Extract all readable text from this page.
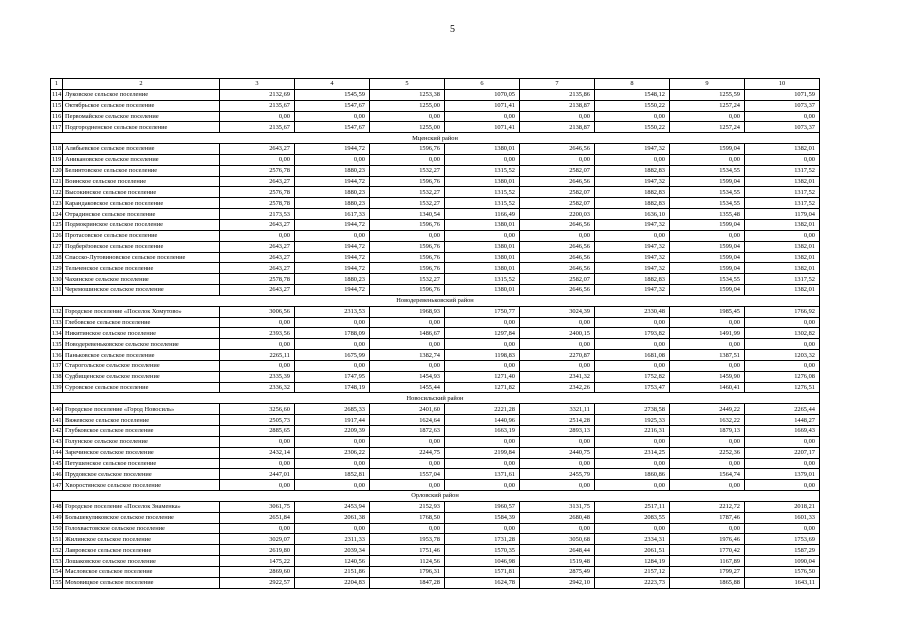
5
1	2	3	4	5	6	7	8	9	10
114	Луковское сельское поселение	2132,69	1545,59	1253,38	1070,05	2135,86	1548,12	1255,59	1071,59
115	Октябрьское сельское поселение	2135,67	1547,67	1255,00	1071,41	2138,87	1550,22	1257,24	1073,37
116	Первомайское сельское поселение	0,00	0,00	0,00	0,00	0,00	0,00	0,00	0,00
117	Подгородненское сельское поселение	2135,67	1547,67	1255,00	1071,41	2138,87	1550,22	1257,24	1073,37
Мценский район									
118	Алябьевское сельское поселение	2643,27	1944,72	1596,76	1380,01	2646,56	1947,32	1599,04	1382,01
119	Аникановское сельское поселение	0,00	0,00	0,00	0,00	0,00	0,00	0,00	0,00
120	Белинтовское сельское поселение	2576,78	1880,23	1532,27	1315,52	2582,07	1882,83	1534,55	1317,52
121	Воинское сельское поселение	2643,27	1944,72	1596,76	1380,01	2646,56	1947,32	1599,04	1382,01
122	Высокинское сельское поселение	2576,78	1880,23	1532,27	1315,52	2582,07	1882,83	1534,55	1317,52
123	Карандаковское сельское поселение	2578,78	1880,23	1532,27	1315,52	2582,07	1882,83	1534,55	1317,52
124	Отрадинское сельское поселение	2173,53	1617,33	1340,54	1166,49	2200,03	1636,10	1355,48	1179,04
125	Подмокринское сельское поселение	2643,27	1944,72	1596,76	1380,01	2646,56	1947,32	1599,04	1382,01
126	Протасовское сельское поселение	0,00	0,00	0,00	0,00	0,00	0,00	0,00	0,00
127	Подберёзовское сельское поселение	2643,27	1944,72	1596,76	1380,01	2646,56	1947,32	1599,04	1382,01
128	Спасско-Лутовиновское сельское поселение	2643,27	1944,72	1596,76	1380,01	2646,56	1947,32	1599,04	1382,01
129	Тельченское сельское поселение	2643,27	1944,72	1596,76	1380,01	2646,56	1947,32	1599,04	1382,01
130	Чахинское сельское поселение	2578,78	1880,23	1532,27	1315,52	2582,07	1882,83	1534,55	1317,52
131	Черемошинское сельское поселение	2643,27	1944,72	1596,76	1380,01	2646,56	1947,32	1599,04	1382,01
Новодеревеньковский район									
132	Городское поселение «Поселок Хомутово»	3006,56	2313,53	1968,93	1750,77	3024,39	2330,48	1985,45	1766,92
133	Глебовское сельское поселение	0,00	0,00	0,00	0,00	0,00	0,00	0,00	0,00
134	Никитинское сельское поселение	2393,56	1788,09	1486,67	1297,84	2400,15	1793,82	1491,99	1302,82
135	Новодеревеньковское сельское поселение	0,00	0,00	0,00	0,00	0,00	0,00	0,00	0,00
136	Паньковское сельское поселение	2265,11	1675,99	1382,74	1198,83	2270,87	1681,08	1387,51	1203,32
137	Старогольское сельское поселение	0,00	0,00	0,00	0,00	0,00	0,00	0,00	0,00
138	Судбищенское сельское поселение	2335,39	1747,95	1454,93	1271,40	2341,32	1752,82	1459,90	1276,08
139	Суровское сельское поселение	2336,32	1748,19	1455,44	1271,82	2342,26	1753,47	1460,41	1276,51
Новосильский район									
140	Городское поселение «Город Новосиль»	3256,60	2685,33	2401,60	2221,28	3321,11	2738,58	2449,22	2265,44
141	Вяжевское сельское поселение	2505,73	1917,44	1624,64	1440,96	2514,28	1925,33	1632,22	1448,27
142	Глубковское сельское поселение	2885,65	2209,39	1872,63	1663,19	2893,13	2216,31	1879,13	1669,43
143	Голунское сельское поселение	0,00	0,00	0,00	0,00	0,00	0,00	0,00	0,00
144	Заречинское сельское поселение	2432,14	2306,22	2244,75	2199,84	2440,75	2314,25	2252,36	2207,17
145	Петушенское сельское поселение	0,00	0,00	0,00	0,00	0,00	0,00	0,00	0,00
146	Прудовское сельское поселение	2447,01	1852,81	1557,04	1371,61	2455,79	1860,86	1564,74	1379,01
147	Хворостянское сельское поселение	0,00	0,00	0,00	0,00	0,00	0,00	0,00	0,00
Орловский район									
148	Городское поселение «Поселок Знаменка»	3061,75	2453,94	2152,93	1960,57	3131,75	2517,11	2212,72	2018,21
149	Большекуликовское сельское поселение	2651,84	2061,38	1768,50	1584,39	2680,48	2083,55	1787,46	1601,33
150	Голохвастовское сельское поселение	0,00	0,00	0,00	0,00	0,00	0,00	0,00	0,00
151	Жилинское сельское поселение	3029,07	2311,33	1953,78	1731,28	3050,68	2334,31	1976,46	1753,69
152	Лавровское сельское поселение	2619,80	2039,34	1751,46	1570,35	2648,44	2061,51	1770,42	1587,29
153	Лошаковское сельское поселение	1475,22	1240,56	1124,56	1046,98	1519,48	1284,19	1167,89	1090,04
154	Масловское сельское поселение	2869,60	2151,86	1796,31	1571,81	2875,49	2157,12	1799,27	1576,50
155	Моховицкое сельское поселение	2922,57	2204,83	1847,28	1624,78	2942,10	2223,73	1865,88	1643,11
